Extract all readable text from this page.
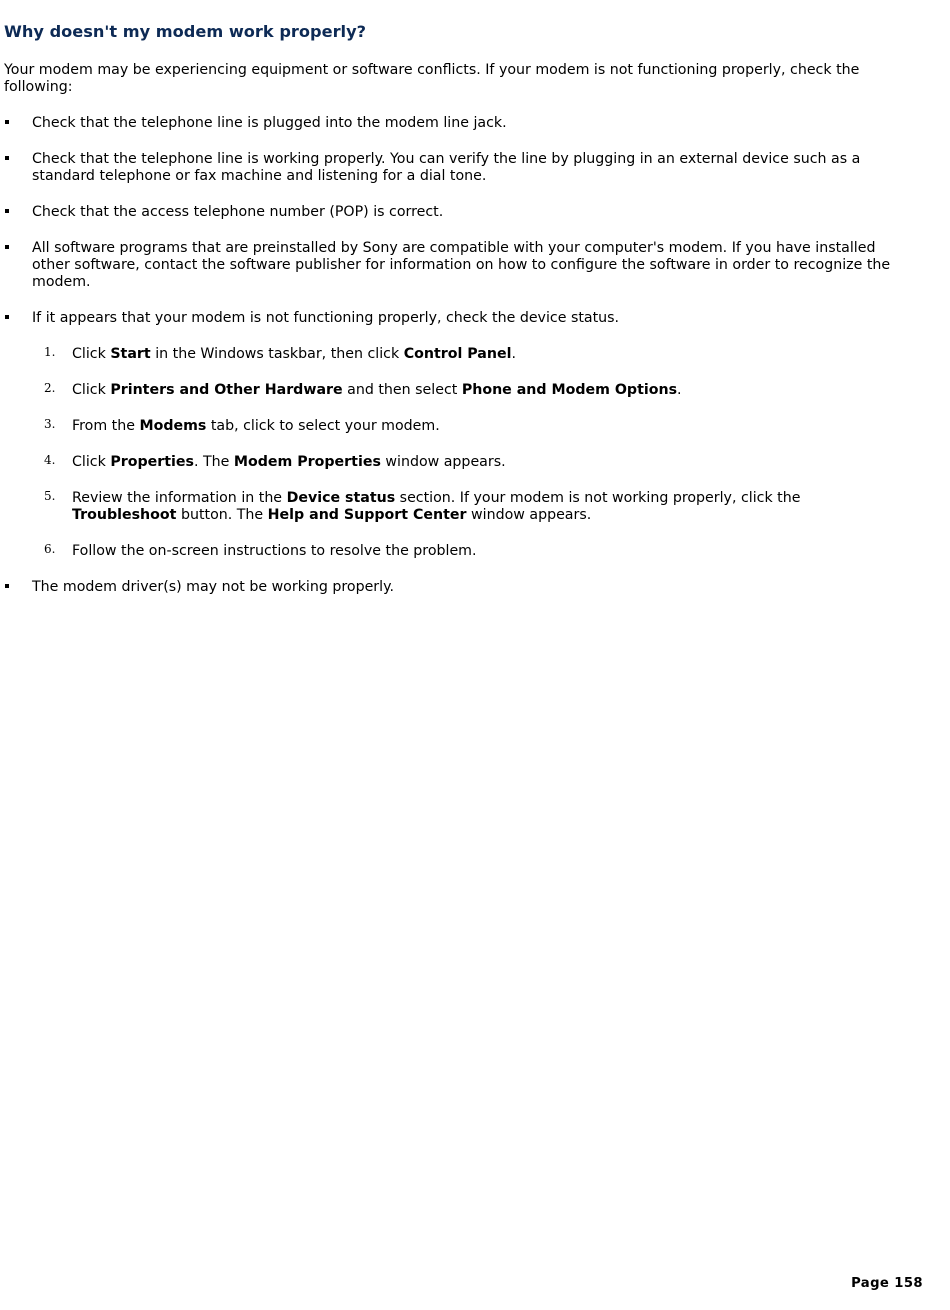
Why doesn't my modem work properly?

Your modem may be experiencing equipment or software conflicts. If your modem is not functioning properly, check the following:

Check that the telephone line is plugged into the modem line jack.
Check that the telephone line is working properly. You can verify the line by plugging in an external device such as a standard telephone or fax machine and listening for a dial tone.
Check that the access telephone number (POP) is correct.
All software programs that are preinstalled by Sony are compatible with your computer's modem. If you have installed other software, contact the software publisher for information on how to configure the software in order to recognize the modem.
If it appears that your modem is not functioning properly, check the device status.
1. Click Start in the Windows taskbar, then click Control Panel.
2. Click Printers and Other Hardware and then select Phone and Modem Options.
3. From the Modems tab, click to select your modem.
4. Click Properties. The Modem Properties window appears.
5. Review the information in the Device status section. If your modem is not working properly, click the Troubleshoot button. The Help and Support Center window appears.
6. Follow the on-screen instructions to resolve the problem.
The modem driver(s) may not be working properly.
Page 158
